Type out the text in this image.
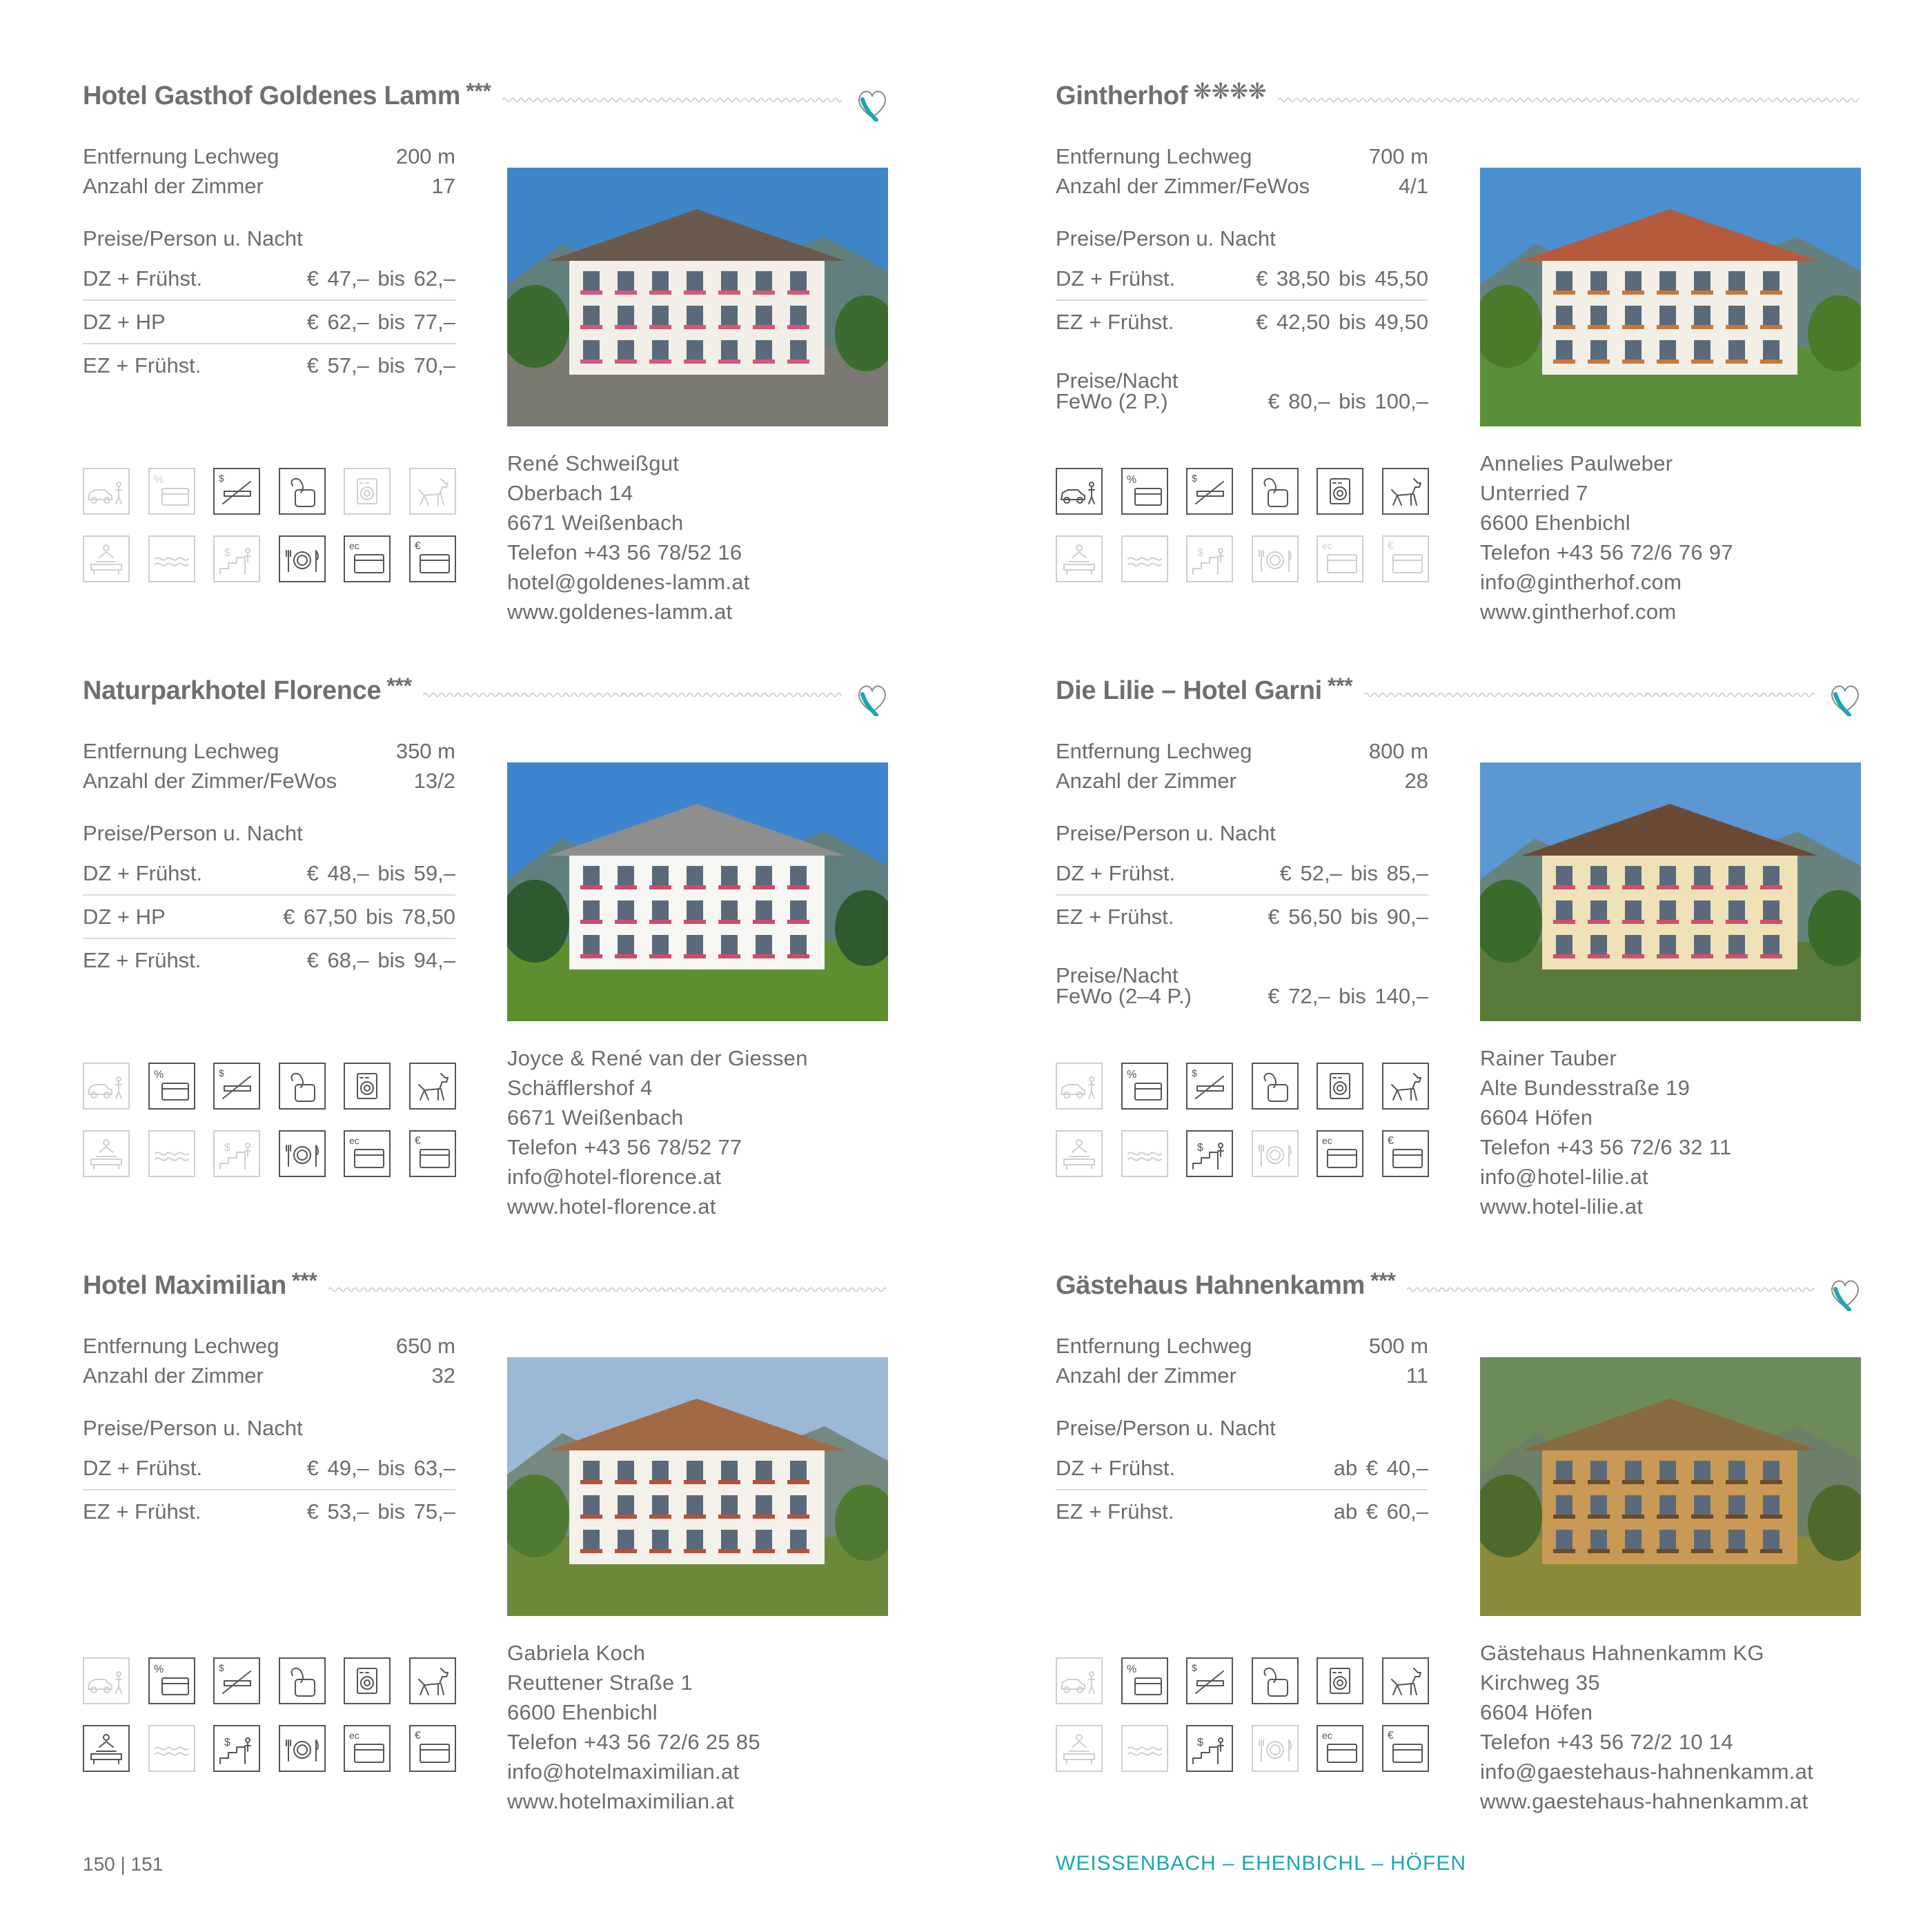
Hotel Gasthof Goldenes Lamm ***
Entfernung Lechweg	200 m
Anzahl der Zimmer	17
Preise/Person u. Nacht
DZ + Frühst.	€ 47,– bis 62,–
DZ + HP	€ 62,– bis 77,–
EZ + Frühst.	€ 57,– bis 70,–
René Schweißgut
Oberbach 14
6671 Weißenbach
Telefon +43 56 78/52 16
hotel@goldenes-lamm.at
www.goldenes-lamm.at
%	$
$
ec	€
Gintherhof ❋❋❋❋
Entfernung Lechweg	700 m
Anzahl der Zimmer/FeWos	4/1
Preise/Person u. Nacht
DZ + Frühst.	€ 38,50 bis 45,50
EZ + Frühst.	€ 42,50 bis 49,50
Preise/Nacht
FeWo (2 P.)	€ 80,– bis 100,–
Annelies Paulweber
Unterried 7
6600 Ehenbichl
Telefon +43 56 72/6 76 97
info@gintherhof.com
www.gintherhof.com
%	$
$
ec	€
Naturparkhotel Florence ***
Entfernung Lechweg	350 m
Anzahl der Zimmer/FeWos	13/2
Preise/Person u. Nacht
DZ + Frühst.	€ 48,– bis 59,–
DZ + HP	€ 67,50 bis 78,50
EZ + Frühst.	€ 68,– bis 94,–
Joyce & René van der Giessen
Schäfflershof 4
6671 Weißenbach
Telefon +43 56 78/52 77
info@hotel-florence.at
www.hotel-florence.at
%	$
$
ec	€
Die Lilie – Hotel Garni ***
Entfernung Lechweg	800 m
Anzahl der Zimmer	28
Preise/Person u. Nacht
DZ + Frühst.	€ 52,– bis 85,–
EZ + Frühst.	€ 56,50 bis 90,–
Preise/Nacht
FeWo (2–4 P.)	€ 72,– bis 140,–
Rainer Tauber
Alte Bundesstraße 19
6604 Höfen
Telefon +43 56 72/6 32 11
info@hotel-lilie.at
www.hotel-lilie.at
%	$
$
ec	€
Hotel Maximilian ***
Entfernung Lechweg	650 m
Anzahl der Zimmer	32
Preise/Person u. Nacht
DZ + Frühst.	€ 49,– bis 63,–
EZ + Frühst.	€ 53,– bis 75,–
Gabriela Koch
Reuttener Straße 1
6600 Ehenbichl
Telefon +43 56 72/6 25 85
info@hotelmaximilian.at
www.hotelmaximilian.at
%	$
$
ec	€
Gästehaus Hahnenkamm ***
Entfernung Lechweg	500 m
Anzahl der Zimmer	11
Preise/Person u. Nacht
DZ + Frühst.	ab € 40,–
EZ + Frühst.	ab € 60,–
Gästehaus Hahnenkamm KG
Kirchweg 35
6604 Höfen
Telefon +43 56 72/2 10 14
info@gaestehaus-hahnenkamm.at
www.gaestehaus-hahnenkamm.at
%	$
$
ec	€
150 | 151	WEISSENBACH – EHENBICHL – HÖFEN
